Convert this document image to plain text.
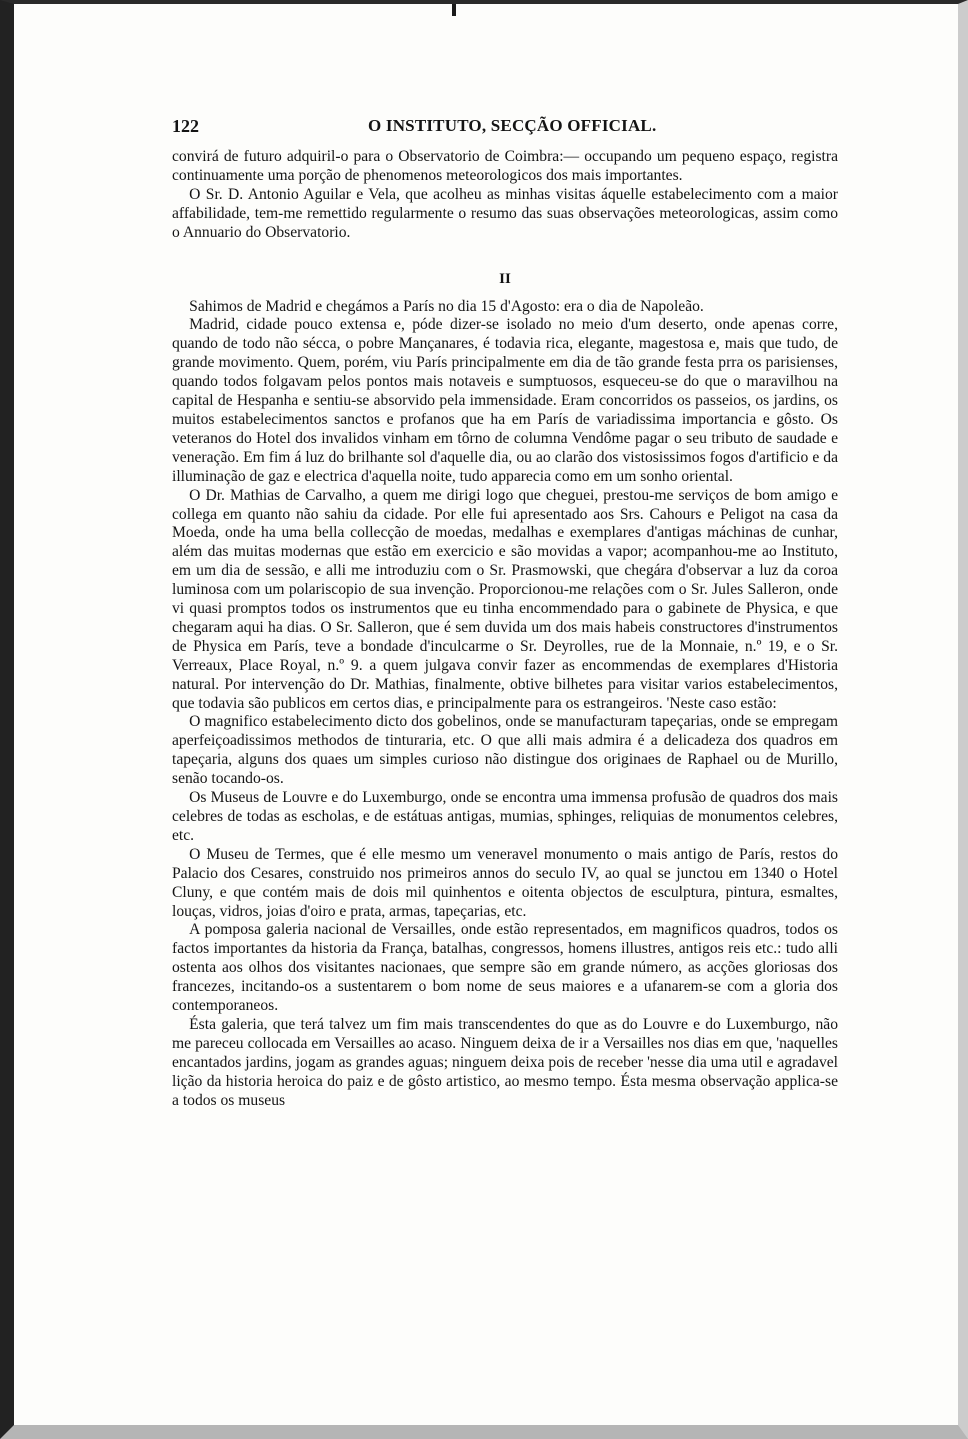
122	O INSTITUTO, SECÇÃO OFFICIAL.

convirá de futuro adquiril-o para o Observatorio de Coimbra:— occupando um pequeno espaço, registra continuamente uma porção de phenomenos meteorologicos dos mais importantes.

O Sr. D. Antonio Aguilar e Vela, que acolheu as minhas visitas áquelle estabelecimento com a maior affabilidade, tem-me remettido regularmente o resumo das suas observações meteorologicas, assim como o Annuario do Observatorio.

II

Sahimos de Madrid e chegámos a París no dia 15 d'Agosto: era o dia de Napoleão.

Madrid, cidade pouco extensa e, póde dizer-se isolado no meio d'um deserto, onde apenas corre, quando de todo não sécca, o pobre Mançanares, é todavia rica, elegante, magestosa e, mais que tudo, de grande movimento. Quem, porém, viu París principalmente em dia de tão grande festa prra os parisienses, quando todos folgavam pelos pontos mais notaveis e sumptuosos, esqueceu-se do que o maravilhou na capital de Hespanha e sentiu-se absorvido pela immensidade. Eram concorridos os passeios, os jardins, os muitos estabelecimentos sanctos e profanos que ha em París de variadissima importancia e gôsto. Os veteranos do Hotel dos invalidos vinham em tôrno de columna Vendôme pagar o seu tributo de saudade e veneração. Em fim á luz do brilhante sol d'aquelle dia, ou ao clarão dos vistosissimos fogos d'artificio e da illuminação de gaz e electrica d'aquella noite, tudo apparecia como em um sonho oriental.

O Dr. Mathias de Carvalho, a quem me dirigi logo que cheguei, prestou-me serviços de bom amigo e collega em quanto não sahiu da cidade. Por elle fui apresentado aos Srs. Cahours e Peligot na casa da Moeda, onde ha uma bella collecção de moedas, medalhas e exemplares d'antigas máchinas de cunhar, além das muitas modernas que estão em exercicio e são movidas a vapor; acompanhou-me ao Instituto, em um dia de sessão, e alli me introduziu com o Sr. Prasmowski, que chegára d'observar a luz da coroa luminosa com um polariscopio de sua invenção. Proporcionou-me relações com o Sr. Jules Salleron, onde vi quasi promptos todos os instrumentos que eu tinha encommendado para o gabinete de Physica, e que chegaram aqui ha dias. O Sr. Salleron, que é sem duvida um dos mais habeis constructores d'instrumentos de Physica em París, teve a bondade d'inculcarme o Sr. Deyrolles, rue de la Monnaie, n.º 19, e o Sr. Verreaux, Place Royal, n.º 9. a quem julgava convir fazer as encommendas de exemplares d'Historia natural. Por intervenção do Dr. Mathias, finalmente, obtive bilhetes para visitar varios estabelecimentos, que todavia são publicos em certos dias, e principalmente para os estrangeiros. 'Neste caso estão:

O magnifico estabelecimento dicto dos gobelinos, onde se manufacturam tapeçarias, onde se empregam aperfeiçoadissimos methodos de tinturaria, etc. O que alli mais admira é a delicadeza dos quadros em tapeçaria, alguns dos quaes um simples curioso não distingue dos originaes de Raphael ou de Murillo, senão tocando-os.

Os Museus de Louvre e do Luxemburgo, onde se encontra uma immensa profusão de quadros dos mais celebres de todas as escholas, e de estátuas antigas, mumias, sphinges, reliquias de monumentos celebres, etc.

O Museu de Termes, que é elle mesmo um veneravel monumento o mais antigo de París, restos do Palacio dos Cesares, construido nos primeiros annos do seculo IV, ao qual se junctou em 1340 o Hotel Cluny, e que contém mais de dois mil quinhentos e oitenta objectos de esculptura, pintura, esmaltes, louças, vidros, joias d'oiro e prata, armas, tapeçarias, etc.

A pomposa galeria nacional de Versailles, onde estão representados, em magnificos quadros, todos os factos importantes da historia da França, batalhas, congressos, homens illustres, antigos reis etc.: tudo alli ostenta aos olhos dos visitantes nacionaes, que sempre são em grande número, as acções gloriosas dos francezes, incitando-os a sustentarem o bom nome de seus maiores e a ufanarem-se com a gloria dos contemporaneos.

Ésta galeria, que terá talvez um fim mais transcendentes do que as do Louvre e do Luxemburgo, não me pareceu collocada em Versailles ao acaso. Ninguem deixa de ir a Versailles nos dias em que, 'naquelles encantados jardins, jogam as grandes aguas; ninguem deixa pois de receber 'nesse dia uma util e agradavel lição da historia heroica do paiz e de gôsto artistico, ao mesmo tempo. Ésta mesma observação applica-se a todos os museus
